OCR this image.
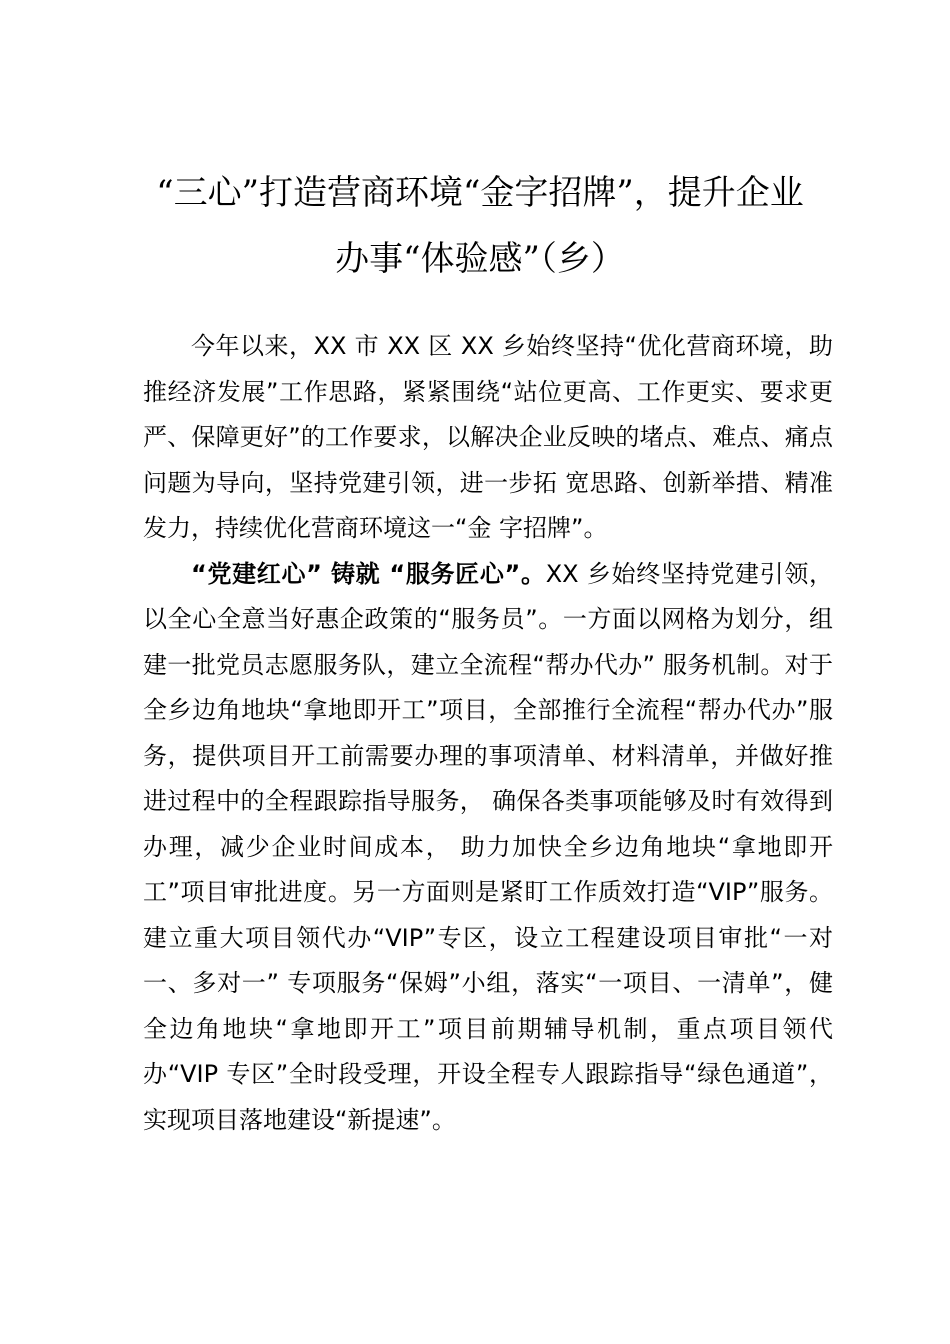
“三心”打造营商环境“金字招牌”，提升企业
办事“体验感”（乡）

今年以来，XX 市 XX 区 XX 乡始终坚持“优化营商环境，助推经济发展”工作思路，紧紧围绕“站位更高、工作更实、要求更严、保障更好”的工作要求，以解决企业反映的堵点、难点、痛点问题为导向，坚持党建引领，进一步拓 宽思路、创新举措、精准发力，持续优化营商环境这一“金 字招牌”。

“党建红心” 铸就 “服务匠心”。XX 乡始终坚持党建引领，以全心全意当好惠企政策的“服务员”。一方面以网格为划分，组建一批党员志愿服务队，建立全流程“帮办代办” 服务机制。对于全乡边角地块“拿地即开工”项目，全部推行全流程“帮办代办”服务，提供项目开工前需要办理的事项清单、材料清单，并做好推进过程中的全程跟踪指导服务， 确保各类事项能够及时有效得到办理，减少企业时间成本， 助力加快全乡边角地块“拿地即开工”项目审批进度。另一方面则是紧盯工作质效打造“VIP”服务。建立重大项目领代办“VIP”专区，设立工程建设项目审批“一对一、多对一” 专项服务“保姆”小组，落实“一项目、一清单”，健全边角地块“拿地即开工”项目前期辅导机制，重点项目领代办“VIP 专区”全时段受理，开设全程专人跟踪指导“绿色通道”，实现项目落地建设“新提速”。
